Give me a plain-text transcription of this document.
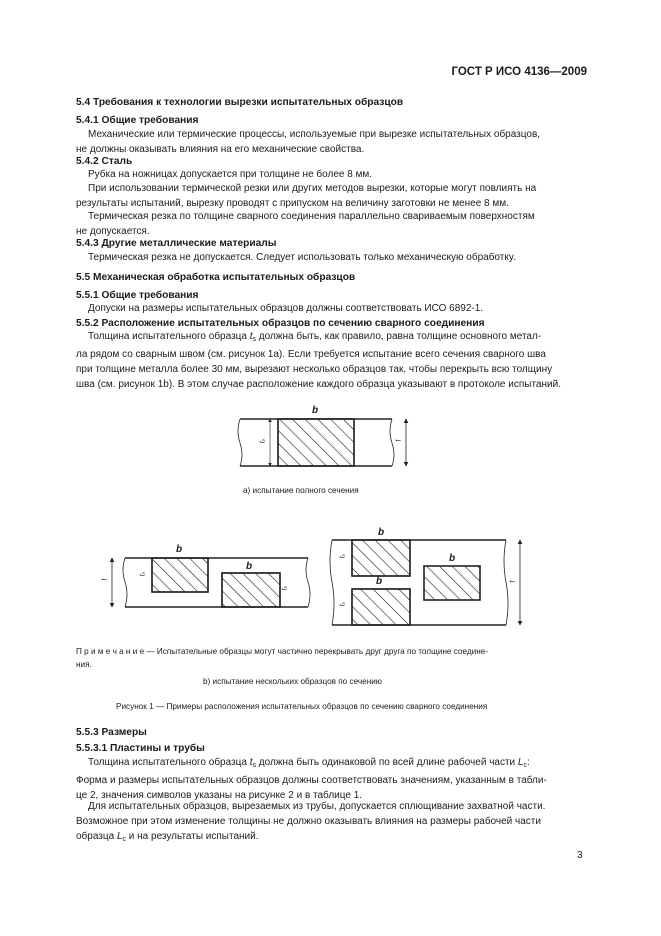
ГОСТ Р ИСО 4136—2009
5.4 Требования к технологии вырезки испытательных образцов
5.4.1 Общие требования
Механические или термические процессы, используемые при вырезке испытательных образцов,
не должны оказывать влияния на его механические свойства.
5.4.2 Сталь
Рубка на ножницах допускается при толщине не более 8 мм.
При использовании термической резки или других методов вырезки, которые могут повлиять на
результаты испытаний, вырезку проводят с припуском на величину заготовки не менее 8 мм.
Термическая резка по толщине сварного соединения параллельно свариваемым поверхностям
не допускается.
5.4.3 Другие металлические материалы
Термическая резка не допускается. Следует использовать только механическую обработку.
5.5 Механическая обработка испытательных образцов
5.5.1 Общие требования
Допуски на размеры испытательных образцов должны соответствовать ИСО 6892-1.
5.5.2 Расположение испытательных образцов по сечению сварного соединения
Толщина испытательного образца $t_s$ должна быть, как правило, равна толщине основного метал-
ла рядом со сварным швом (см. рисунок 1a). Если требуется испытание всего сечения сварного шва
при толщине металла более 30 мм, вырезают несколько образцов так, чтобы перекрыть всю толщину
шва (см. рисунок 1b). В этом случае расположение каждого образца указывают в протоколе испытаний.
b
t
tₛ
а) испытание полного сечения
b
b
t
tₛ
tₛ
b
b
b	t
tₛ
tₛ
П р и м е ч а н и е — Испытательные образцы могут частично перекрывать друг друга по толщине соедине-
ния.
b) испытание нескольких образцов по сечению
Рисунок 1 — Примеры расположения испытательных образцов по сечению сварного соединения
5.5.3 Размеры
5.5.3.1 Пластины и трубы
Толщина испытательного образца $t_s$ должна быть одинаковой по всей длине рабочей части $L_c$:
Форма и размеры испытательных образцов должны соответствовать значениям, указанным в табли-
це 2, значения символов указаны на рисунке 2 и в таблице 1.
Для испытательных образцов, вырезаемых из трубы, допускается сплющивание захватной части.
Возможное при этом изменение толщины не должно оказывать влияния на размеры рабочей части
образца $L_c$ и на результаты испытаний.
3
